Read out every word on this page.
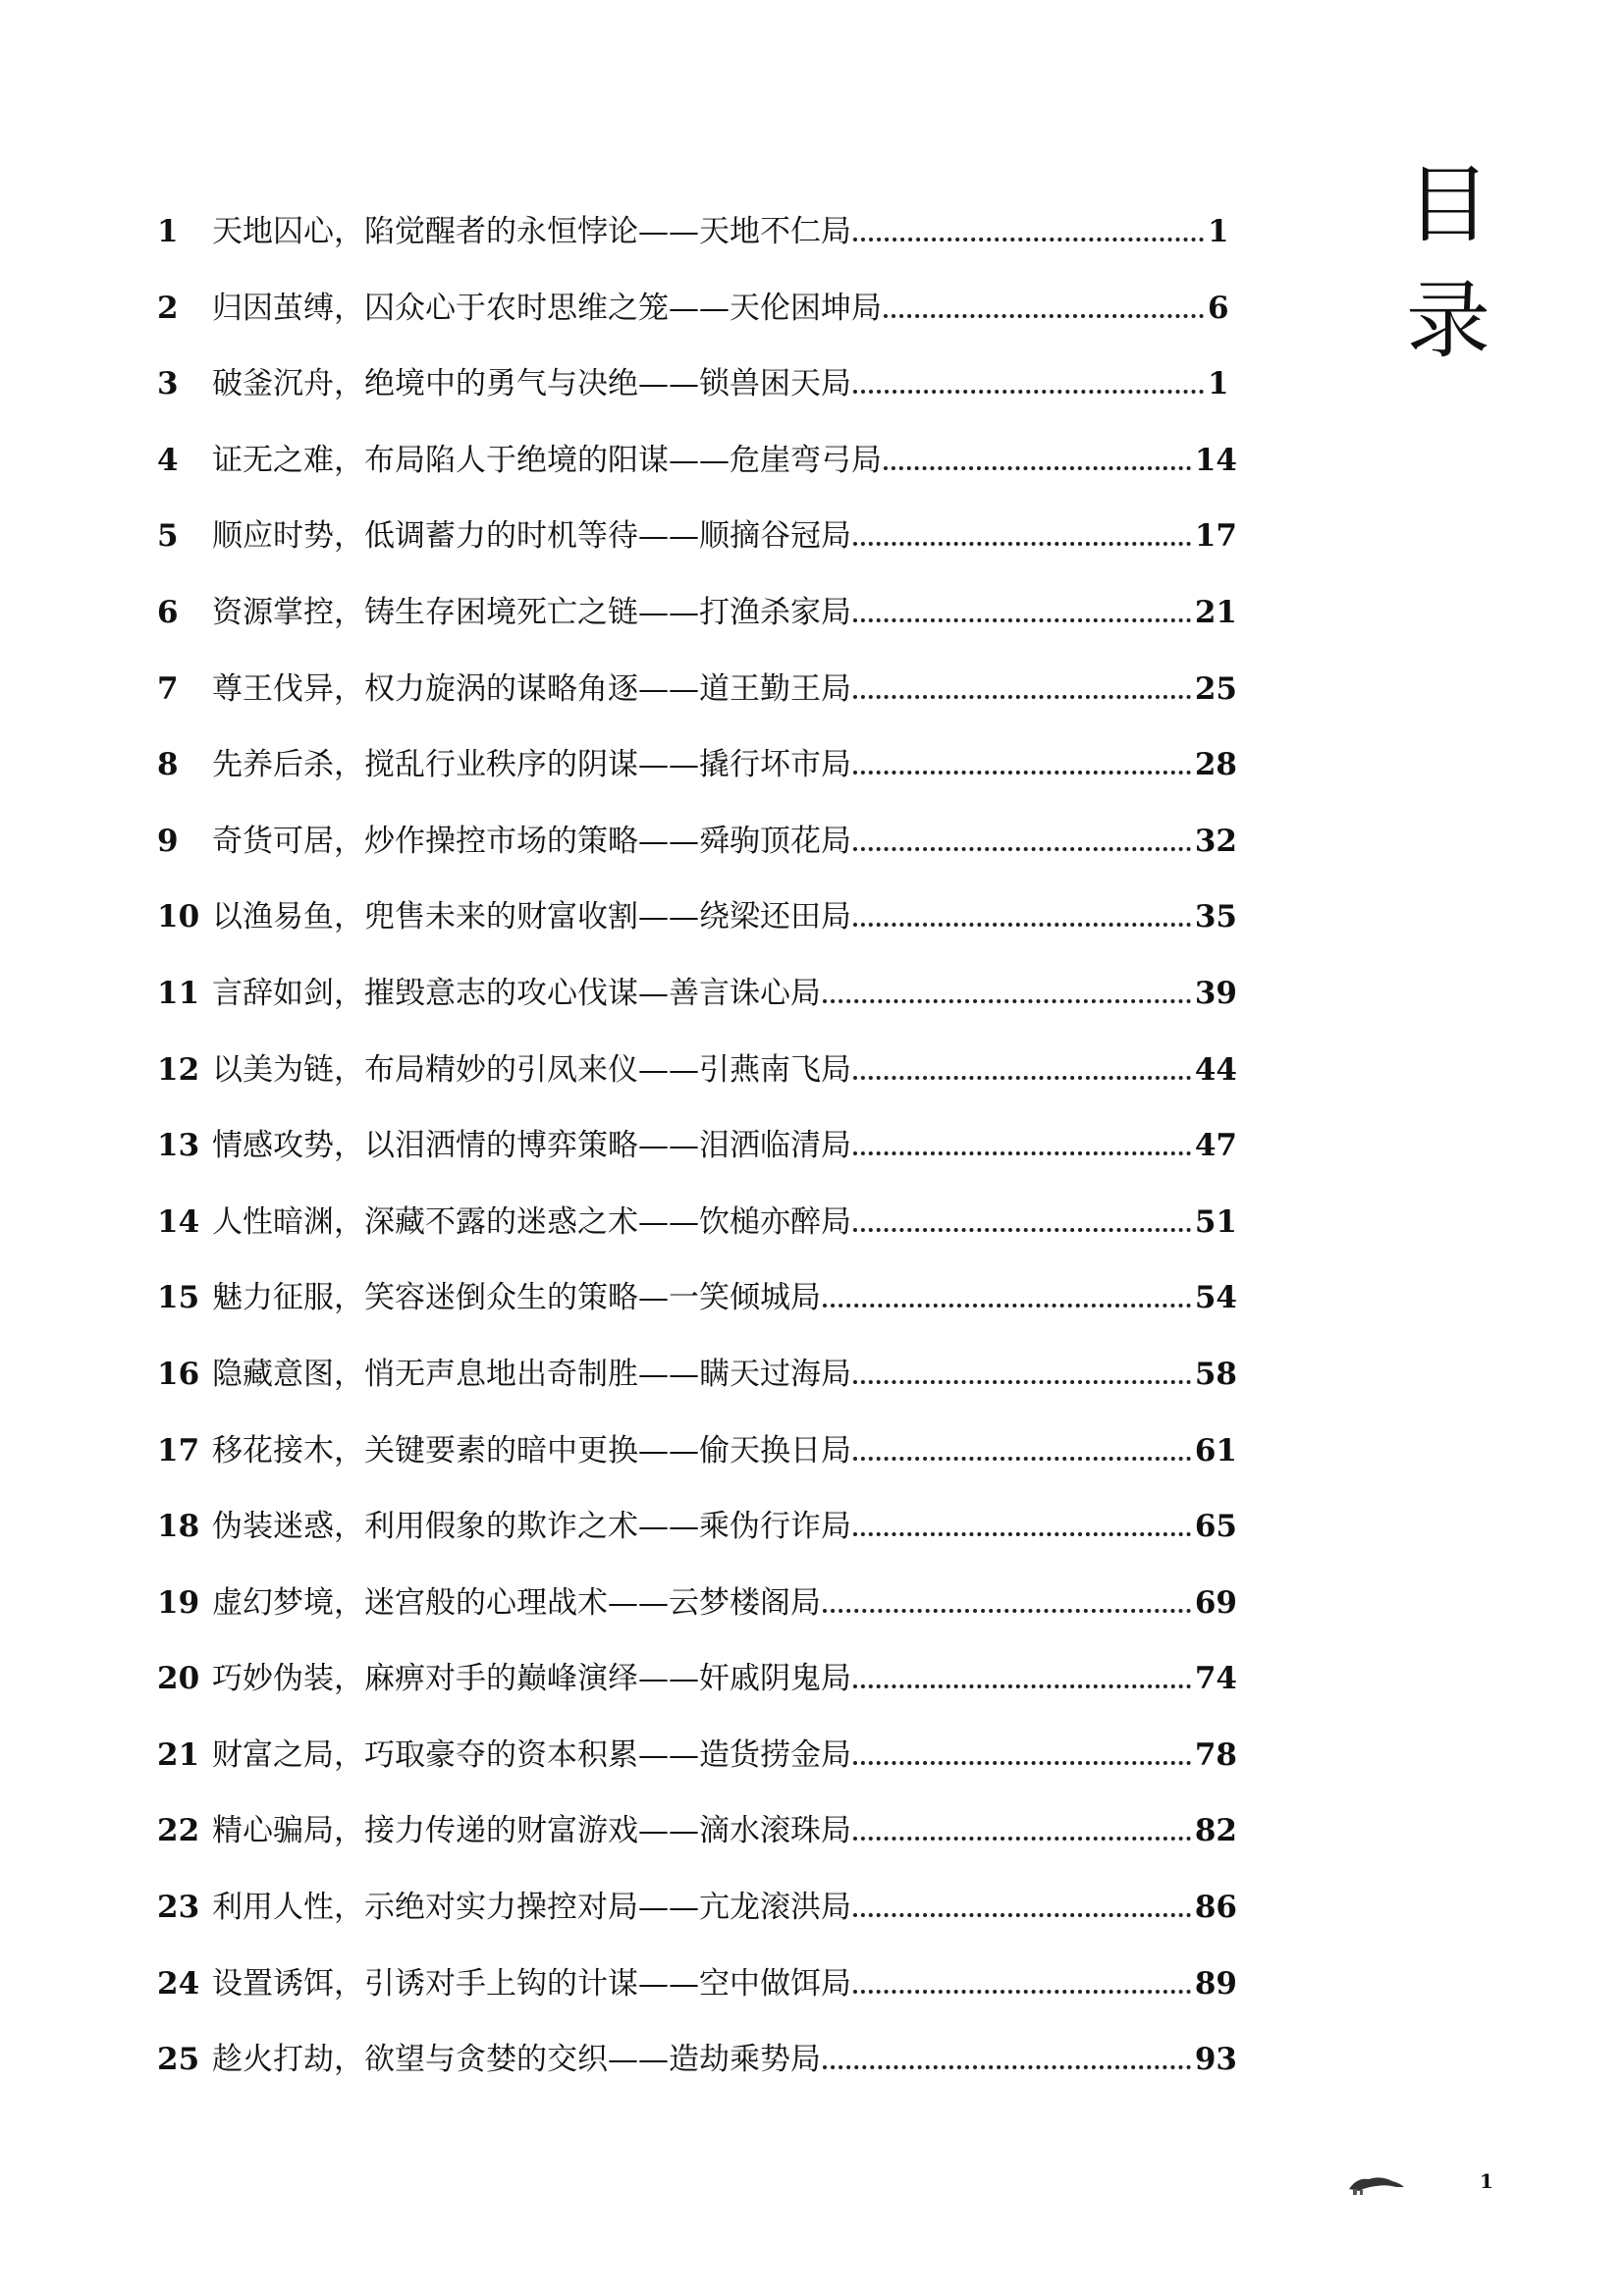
目
录
1	天地囚心，陷觉醒者的永恒悖论——天地不仁局	1
2	归因茧缚，囚众心于农时思维之笼——天伦困坤局	6
3	破釜沉舟，绝境中的勇气与决绝——锁兽困天局	1
4	证无之难，布局陷人于绝境的阳谋——危崖弯弓局	14
5	顺应时势，低调蓄力的时机等待——顺摘谷冠局	17
6	资源掌控，铸生存困境死亡之链——打渔杀家局	21
7	尊王伐异，权力旋涡的谋略角逐——道王勤王局	25
8	先养后杀，搅乱行业秩序的阴谋——撬行坏市局	28
9	奇货可居，炒作操控市场的策略——舜驹顶花局	32
10 以渔易鱼，兜售未来的财富收割——绕梁还田局	35
11 言辞如剑，摧毁意志的攻心伐谋—善言诛心局	39
12 以美为链，布局精妙的引凤来仪——引燕南飞局	44
13 情感攻势，以泪洒情的博弈策略——泪洒临清局	47
14 人性暗渊，深藏不露的迷惑之术——饮槌亦醉局	51
15 魅力征服，笑容迷倒众生的策略—一笑倾城局	54
16 隐藏意图，悄无声息地出奇制胜——瞒天过海局	58
17 移花接木，关键要素的暗中更换——偷天换日局	61
18 伪装迷惑，利用假象的欺诈之术——乘伪行诈局	65
19 虚幻梦境，迷宫般的心理战术——云梦楼阁局	69
20 巧妙伪装，麻痹对手的巅峰演绎——奸戚阴鬼局	74
21 财富之局，巧取豪夺的资本积累——造货捞金局	78
22 精心骗局，接力传递的财富游戏——滴水滚珠局	82
23 利用人性，示绝对实力操控对局——亢龙滚洪局	86
24 设置诱饵，引诱对手上钩的计谋——空中做饵局	89
25 趁火打劫，欲望与贪婪的交织——造劫乘势局	93
1
